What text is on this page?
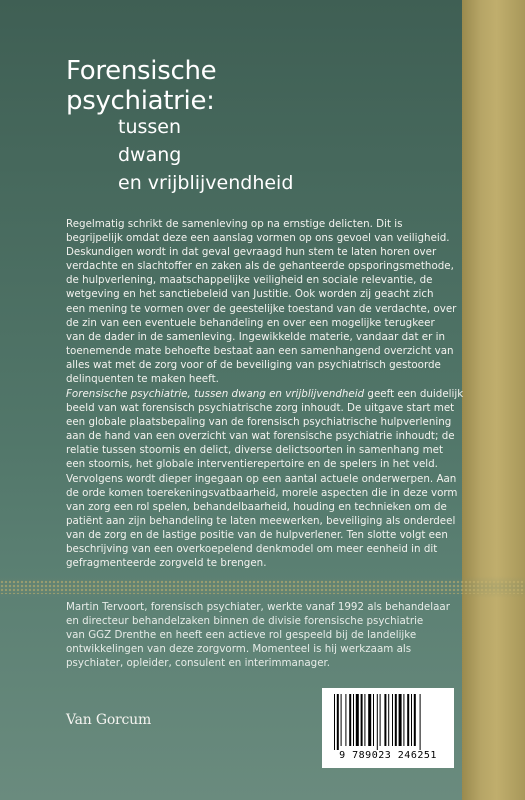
Forensische
psychiatrie:
tussen
dwang
en vrijblijvendheid
Regelmatig schrikt de samenleving op na ernstige delicten. Dit is
begrijpelijk omdat deze een aanslag vormen op ons gevoel van veiligheid.
Deskundigen wordt in dat geval gevraagd hun stem te laten horen over
verdachte en slachtoffer en zaken als de gehanteerde opsporingsmethode,
de hulpverlening, maatschappelijke veiligheid en sociale relevantie, de
wetgeving en het sanctiebeleid van Justitie. Ook worden zij geacht zich
een mening te vormen over de geestelijke toestand van de verdachte, over
de zin van een eventuele behandeling en over een mogelijke terugkeer
van de dader in de samenleving. Ingewikkelde materie, vandaar dat er in
toenemende mate behoefte bestaat aan een samenhangend overzicht van
alles wat met de zorg voor of de beveiliging van psychiatrisch gestoorde
delinquenten te maken heeft.
Forensische psychiatrie, tussen dwang en vrijblijvendheid geeft een duidelijk
beeld van wat forensisch psychiatrische zorg inhoudt. De uitgave start met
een globale plaatsbepaling van de forensisch psychiatrische hulpverlening
aan de hand van een overzicht van wat forensische psychiatrie inhoudt; de
relatie tussen stoornis en delict, diverse delictsoorten in samenhang met
een stoornis, het globale interventierepertoire en de spelers in het veld.
Vervolgens wordt dieper ingegaan op een aantal actuele onderwerpen. Aan
de orde komen toerekeningsvatbaarheid, morele aspecten die in deze vorm
van zorg een rol spelen, behandelbaarheid, houding en technieken om de
patiënt aan zijn behandeling te laten meewerken, beveiliging als onderdeel
van de zorg en de lastige positie van de hulpverlener. Ten slotte volgt een
beschrijving van een overkoepelend denkmodel om meer eenheid in dit
gefragmenteerde zorgveld te brengen.
Martin Tervoort, forensisch psychiater, werkte vanaf 1992 als behandelaar
en directeur behandelzaken binnen de divisie forensische psychiatrie
van GGZ Drenthe en heeft een actieve rol gespeeld bij de landelijke
ontwikkelingen van deze zorgvorm. Momenteel is hij werkzaam als
psychiater, opleider, consulent en interimmanager.
Van Gorcum
9 789023 246251
